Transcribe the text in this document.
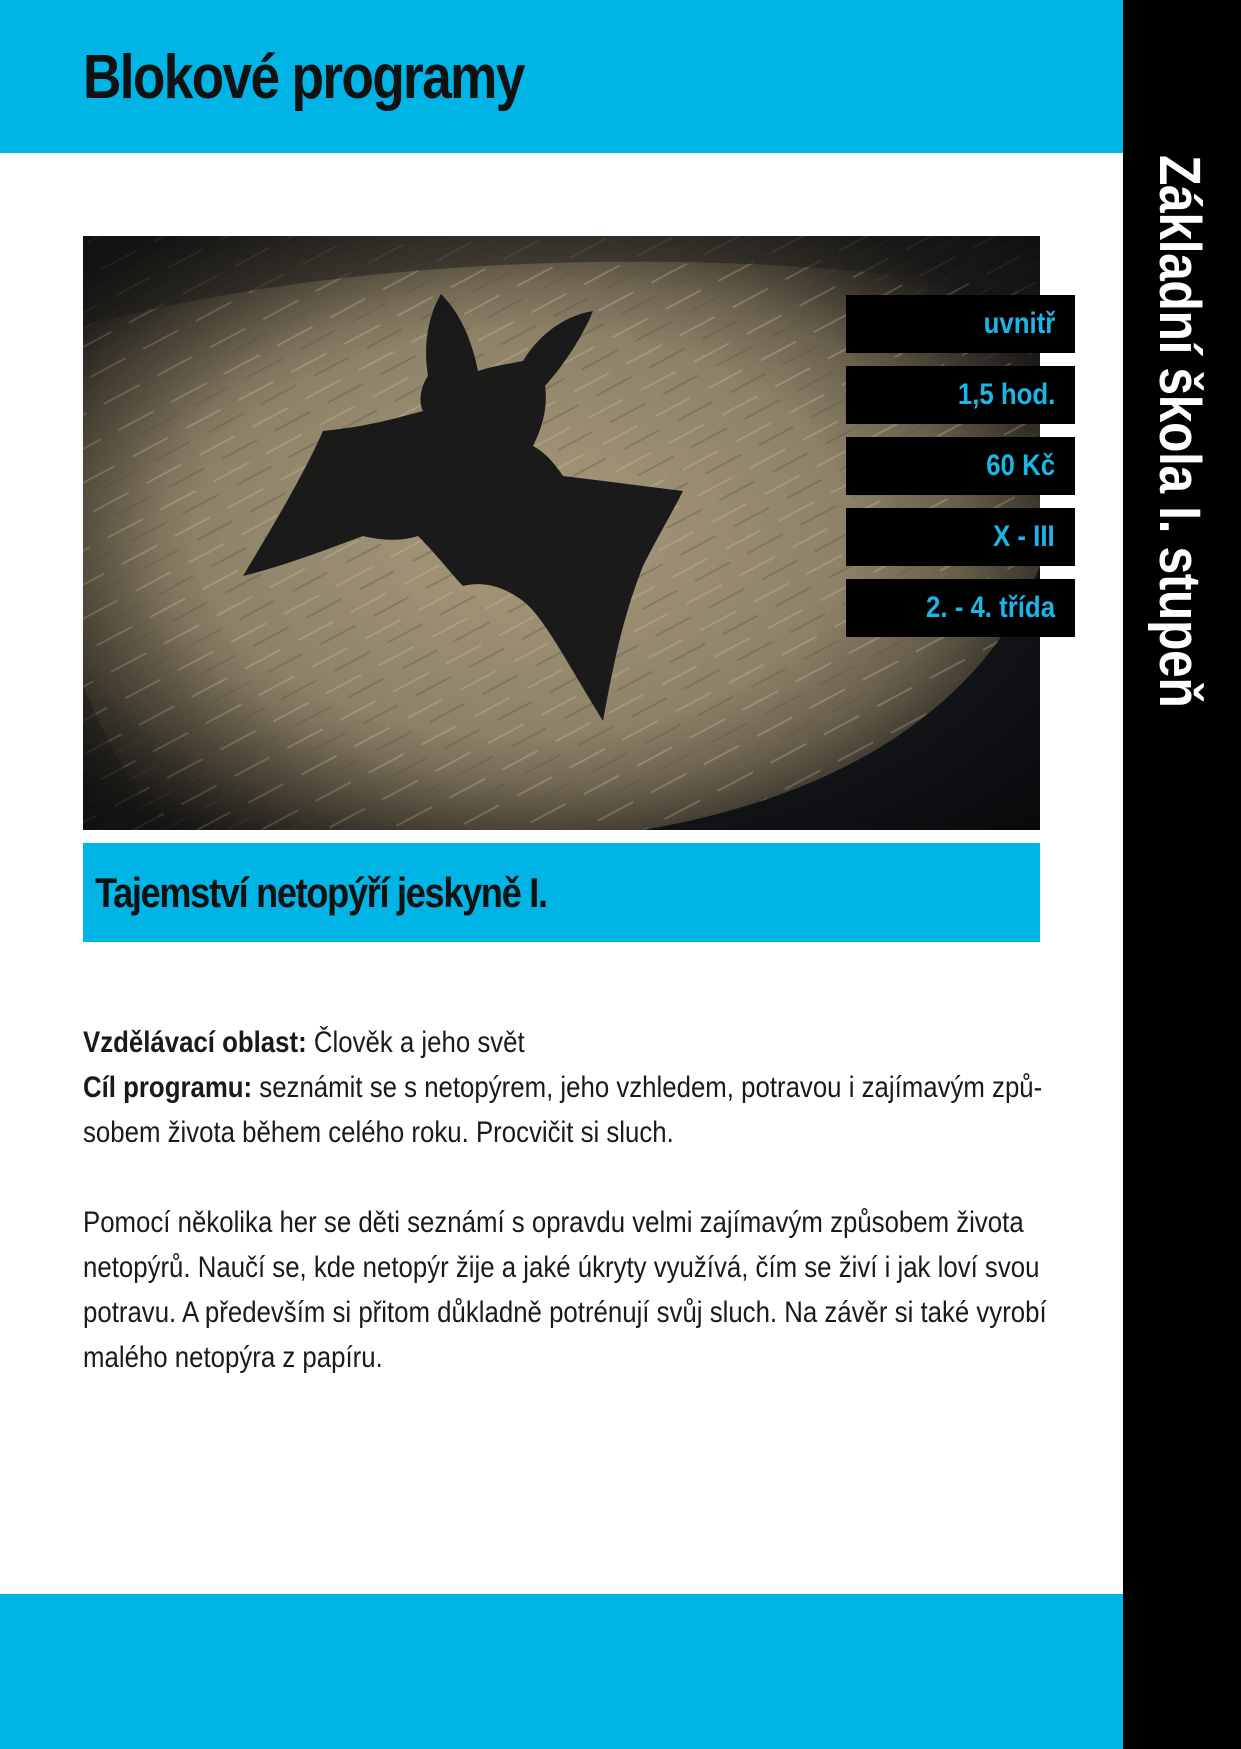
Blokové programy
Základní škola I. stupeň
uvnitř
1,5 hod.
60 Kč
X - III
2. - 4. třída
Tajemství netopýří jeskyně I.
Vzdělávací oblast: Člověk a jeho svět
Cíl programu: seznámit se s netopýrem, jeho vzhledem, potravou i zajímavým způ-
sobem života během celého roku. Procvičit si sluch.
Pomocí několika her se děti seznámí s opravdu velmi zajímavým způsobem života
netopýrů. Naučí se, kde netopýr žije a jaké úkryty využívá, čím se živí i jak loví svou
potravu. A především si přitom důkladně potrénují svůj sluch. Na závěr si také vyrobí
malého netopýra z papíru.
